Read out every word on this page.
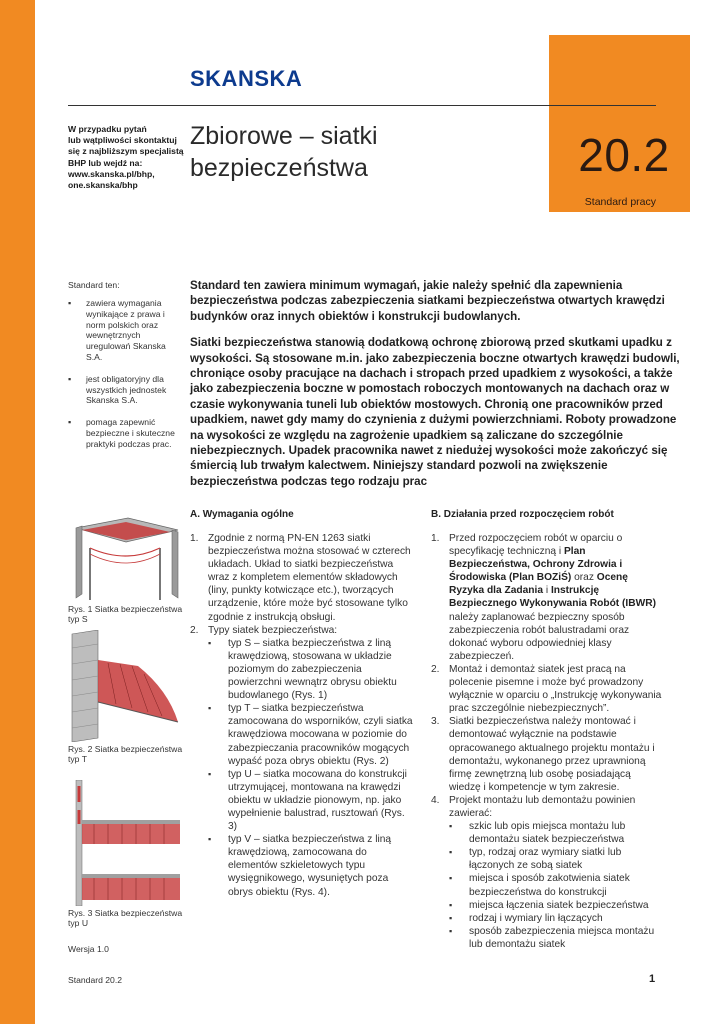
20.2
Standard pracy
SKANSKA
W przypadku pytań
lub wątpliwości skontaktuj
się z najbliższym specjalistą
BHP lub wejdź na:
www.skanska.pl/bhp,
one.skanska/bhp
Zbiorowe – siatki
bezpieczeństwa
Standard ten:
▪ zawiera wymagania wynikające z prawa i norm polskich oraz wewnętrznych uregulowań Skanska S.A.
▪ jest obligatoryjny dla wszystkich jednostek Skanska S.A.
▪ pomaga zapewnić bezpieczne i skuteczne praktyki podczas prac.

Standard ten zawiera minimum wymagań, jakie należy spełnić dla zapewnienia bezpieczeństwa podczas zabezpieczenia siatkami bezpieczeństwa otwartych krawędzi budynków oraz innych obiektów i konstrukcji budowlanych.

Siatki bezpieczeństwa stanowią dodatkową ochronę zbiorową przed skutkami upadku z wysokości. Są stosowane m.in. jako zabezpieczenia boczne otwartych krawędzi budowli, chroniące osoby pracujące na dachach i stropach przed upadkiem z wysokości, a także jako zabezpieczenia boczne w pomostach roboczych montowanych na dachach oraz w czasie wykonywania tuneli lub obiektów mostowych. Chronią one pracowników przed upadkiem, nawet gdy mamy do czynienia z dużymi powierzchniami. Roboty prowadzone na wysokości ze względu na zagrożenie upadkiem są zaliczane do szczególnie niebezpiecznych. Upadek pracownika nawet z niedużej wysokości może zakończyć się śmiercią lub trwałym kalectwem. Niniejszy standard pozwoli na zwiększenie bezpieczeństwa podczas tego rodzaju prac

Rys. 1 Siatka bezpieczeństwa typ S
Rys. 2 Siatka bezpieczeństwa typ T
Rys. 3 Siatka bezpieczeństwa typ U
A. Wymagania ogólne
1. Zgodnie z normą PN-EN 1263 siatki bezpieczeństwa można stosować w czterech układach. Układ to siatki bezpieczeństwa wraz z kompletem elementów składowych (liny, punkty kotwiczące etc.), tworzących urządzenie, które może być stosowane tylko zgodnie z instrukcją obsługi.
2. Typy siatek bezpieczeństwa:
▪ typ S – siatka bezpieczeństwa z liną krawędziową, stosowana w układzie poziomym do zabezpieczenia powierzchni wewnątrz obrysu obiektu budowlanego (Rys. 1)
▪ typ T – siatka bezpieczeństwa zamocowana do wsporników, czyli siatka krawędziowa mocowana w poziomie do zabezpieczania pracowników mogących wypaść poza obrys obiektu (Rys. 2)
▪ typ U – siatka mocowana do konstrukcji utrzymującej, montowana na krawędzi obiektu w układzie pionowym, np. jako wypełnienie balustrad, rusztowań (Rys. 3)
▪ typ V – siatka bezpieczeństwa z liną krawędziową, zamocowana do elementów szkieletowych typu wysięgnikowego, wysuniętych poza obrys obiektu (Rys. 4).
B. Działania przed rozpoczęciem robót
1. Przed rozpoczęciem robót w oparciu o specyfikację techniczną i Plan Bezpieczeństwa, Ochrony Zdrowia i Środowiska (Plan BOZiŚ) oraz Ocenę Ryzyka dla Zadania i Instrukcję Bezpiecznego Wykonywania Robót (IBWR) należy zaplanować bezpieczny sposób zabezpieczenia robót balustradami oraz dokonać wyboru odpowiedniej klasy zabezpieczeń.
2. Montaż i demontaż siatek jest pracą na polecenie pisemne i może być prowadzony wyłącznie w oparciu o „Instrukcję wykonywania prac szczególnie niebezpiecznych”.
3. Siatki bezpieczeństwa należy montować i demontować wyłącznie na podstawie opracowanego aktualnego projektu montażu i demontażu, wykonanego przez uprawnioną firmę zewnętrzną lub osobę posiadającą wiedzę i kompetencje w tym zakresie.
4. Projekt montażu lub demontażu powinien zawierać:
▪ szkic lub opis miejsca montażu lub demontażu siatek bezpieczeństwa
▪ typ, rodzaj oraz wymiary siatki lub łączonych ze sobą siatek
▪ miejsca i sposób zakotwienia siatek bezpieczeństwa do konstrukcji
▪ miejsca łączenia siatek bezpieczeństwa
▪ rodzaj i wymiary lin łączących
▪ sposób zabezpieczenia miejsca montażu lub demontażu siatek
Wersja 1.0
Standard 20.2	1
